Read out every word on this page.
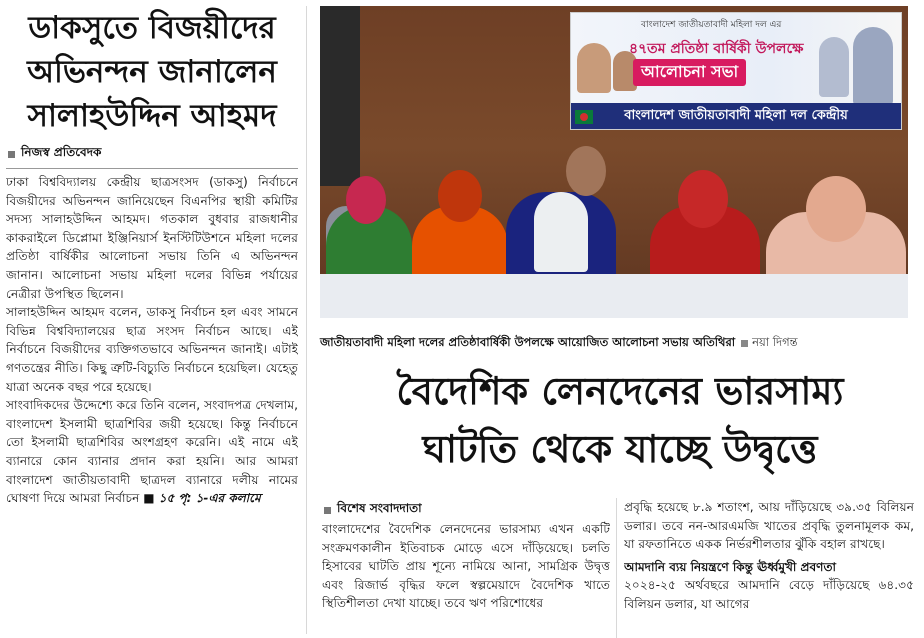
ডাকসুতে বিজয়ীদের
অভিনন্দন জানালেন
সালাহউদ্দিন আহমদ
নিজস্ব প্রতিবেদক

ঢাকা বিশ্ববিদ্যালয় কেন্দ্রীয় ছাত্রসংসদ (ডাকসু) নির্বাচনে বিজয়ীদের অভিনন্দন জানিয়েছেন বিএনপির স্থায়ী কমিটির সদস্য সালাহউদ্দিন আহমদ। গতকাল বুধবার রাজধানীর কাকরাইলে ডিপ্লোমা ইঞ্জিনিয়ার্স ইনস্টিটিউশনে মহিলা দলের প্রতিষ্ঠা বার্ষিকীর আলোচনা সভায় তিনি এ অভিনন্দন জানান। আলোচনা সভায় মহিলা দলের বিভিন্ন পর্যায়ের নেত্রীরা উপস্থিত ছিলেন।

সালাহউদ্দিন আহমদ বলেন, ডাকসু নির্বাচন হল এবং সামনে বিভিন্ন বিশ্ববিদ্যালয়ের ছাত্র সংসদ নির্বাচন আছে। এই নির্বাচনে বিজয়ীদের ব্যক্তিগতভাবে অভিনন্দন জানাই। এটাই গণতন্ত্রের নীতি। কিছু ত্রুটি-বিচ্যুতি নির্বাচনে হয়েছিল। যেহেতু যাত্রা অনেক বছর পরে হয়েছে।

সাংবাদিকদের উদ্দেশ্যে করে তিনি বলেন, সংবাদপত্র দেখলাম, বাংলাদেশ ইসলামী ছাত্রশিবির জয়ী হয়েছে। কিন্তু নির্বাচনে তো ইসলামী ছাত্রশিবির অংশগ্রহণ করেনি। এই নামে এই ব্যানারে কোন ব্যানার প্রদান করা হয়নি। আর আমরা বাংলাদেশ জাতীয়তাবাদী ছাত্রদল ব্যানারে দলীয় নামের ঘোষণা দিয়ে আমরা নির্বাচন ■ ১৫ পৃ: ১-এর কলামে

বাংলাদেশ জাতীয়তাবাদী মহিলা দল এর
৪৭তম প্রতিষ্ঠা বার্ষিকী উপলক্ষে
আলোচনা সভা
বাংলাদেশ জাতীয়তাবাদী মহিলা দল কেন্দ্রীয়
জাতীয়তাবাদী মহিলা দলের প্রতিষ্ঠাবার্ষিকী উপলক্ষে আয়োজিত আলোচনা সভায় অতিথিরা নয়া দিগন্ত
বৈদেশিক লেনদেনের ভারসাম্য
ঘাটতি থেকে যাচ্ছে উদ্বৃত্তে
বিশেষ সংবাদদাতা

বাংলাদেশের বৈদেশিক লেনদেনের ভারসাম্য এখন একটি সংক্রমণকালীন ইতিবাচক মোড়ে এসে দাঁড়িয়েছে। চলতি হিসাবের ঘাটতি প্রায় শূন্যে নামিয়ে আনা, সামগ্রিক উদ্বৃত্ত এবং রিজার্ভ বৃদ্ধির ফলে স্বল্পমেয়াদে বৈদেশিক খাতে স্থিতিশীলতা দেখা যাচ্ছে। তবে ঋণ পরিশোধের

প্রবৃদ্ধি হয়েছে ৮.৯ শতাংশ, আয় দাঁড়িয়েছে ৩৯.৩৫ বিলিয়ন ডলার। তবে নন-আরএমজি খাতের প্রবৃদ্ধি তুলনামূলক কম, যা রফতানিতে একক নির্ভরশীলতার ঝুঁকি বহাল রাখছে।

আমদানি ব্যয় নিয়ন্ত্রণে কিন্তু ঊর্ধ্বমুখী প্রবণতা

২০২৪-২৫ অর্থবছরে আমদানি বেড়ে দাঁড়িয়েছে ৬৪.৩৫ বিলিয়ন ডলার, যা আগের
